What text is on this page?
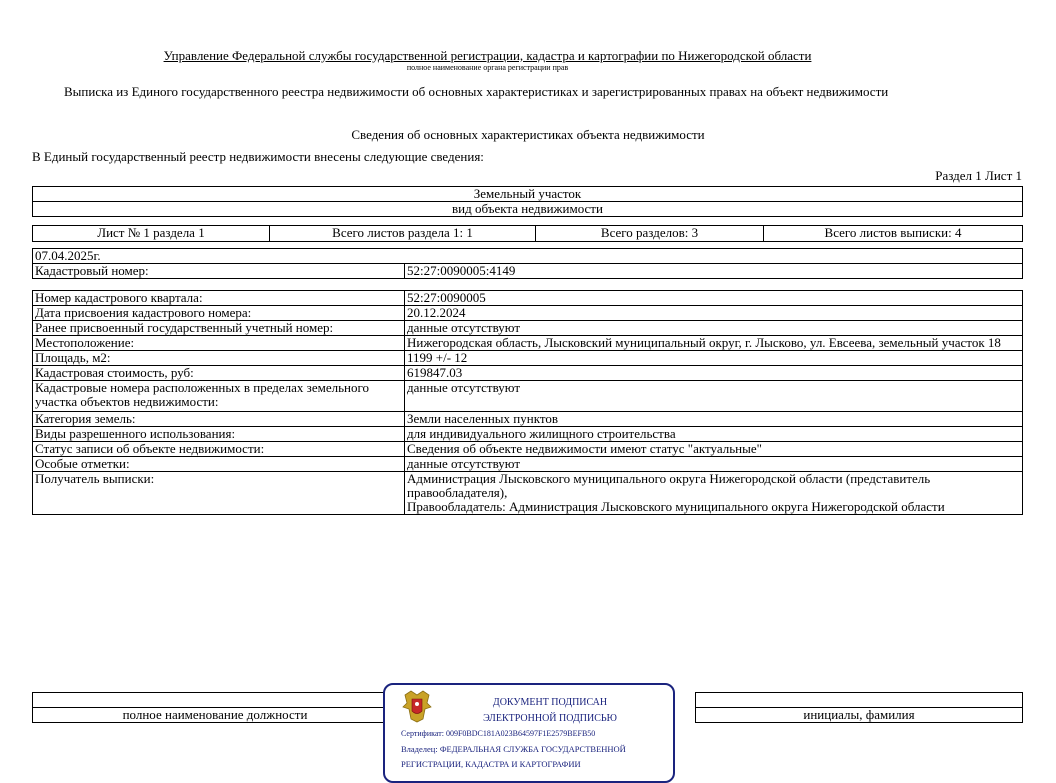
Управление Федеральной службы государственной регистрации, кадастра и картографии по Нижегородской области
полное наименование органа регистрации прав
Выписка из Единого государственного реестра недвижимости об основных характеристиках и зарегистрированных правах на объект недвижимости
Сведения об основных характеристиках объекта недвижимости
В Единый государственный реестр недвижимости внесены следующие сведения:
Раздел 1 Лист 1
Земельный участок
вид объекта недвижимости
Лист № 1 раздела 1	Всего листов раздела 1: 1	Всего разделов: 3	Всего листов выписки: 4
07.04.2025г.
Кадастровый номер:	52:27:0090005:4149
Номер кадастрового квартала:	52:27:0090005
Дата присвоения кадастрового номера:	20.12.2024
Ранее присвоенный государственный учетный номер:	данные отсутствуют
Местоположение:	Нижегородская область, Лысковский муниципальный округ, г. Лысково, ул. Евсеева, земельный участок 18
Площадь, м2:	1199 +/- 12
Кадастровая стоимость, руб:	619847.03
Кадастровые номера расположенных в пределах земельного участка объектов недвижимости:	данные отсутствуют
Категория земель:	Земли населенных пунктов
Виды разрешенного использования:	для индивидуального жилищного строительства
Статус записи об объекте недвижимости:	Сведения об объекте недвижимости имеют статус "актуальные"
Особые отметки:	данные отсутствуют
Получатель выписки:	Администрация Лысковского муниципального округа Нижегородской области (представитель правообладателя),
Правообладатель: Администрация Лысковского муниципального округа Нижегородской области

полное наименование должности		инициалы, фамилия
ДОКУМЕНТ ПОДПИСАН
ЭЛЕКТРОННОЙ ПОДПИСЬЮ
Сертификат: 009F0BDC181A023B64597F1E2579BEFB50
Владелец: ФЕДЕРАЛЬНАЯ СЛУЖБА ГОСУДАРСТВЕННОЙ РЕГИСТРАЦИИ, КАДАСТРА И КАРТОГРАФИИ
